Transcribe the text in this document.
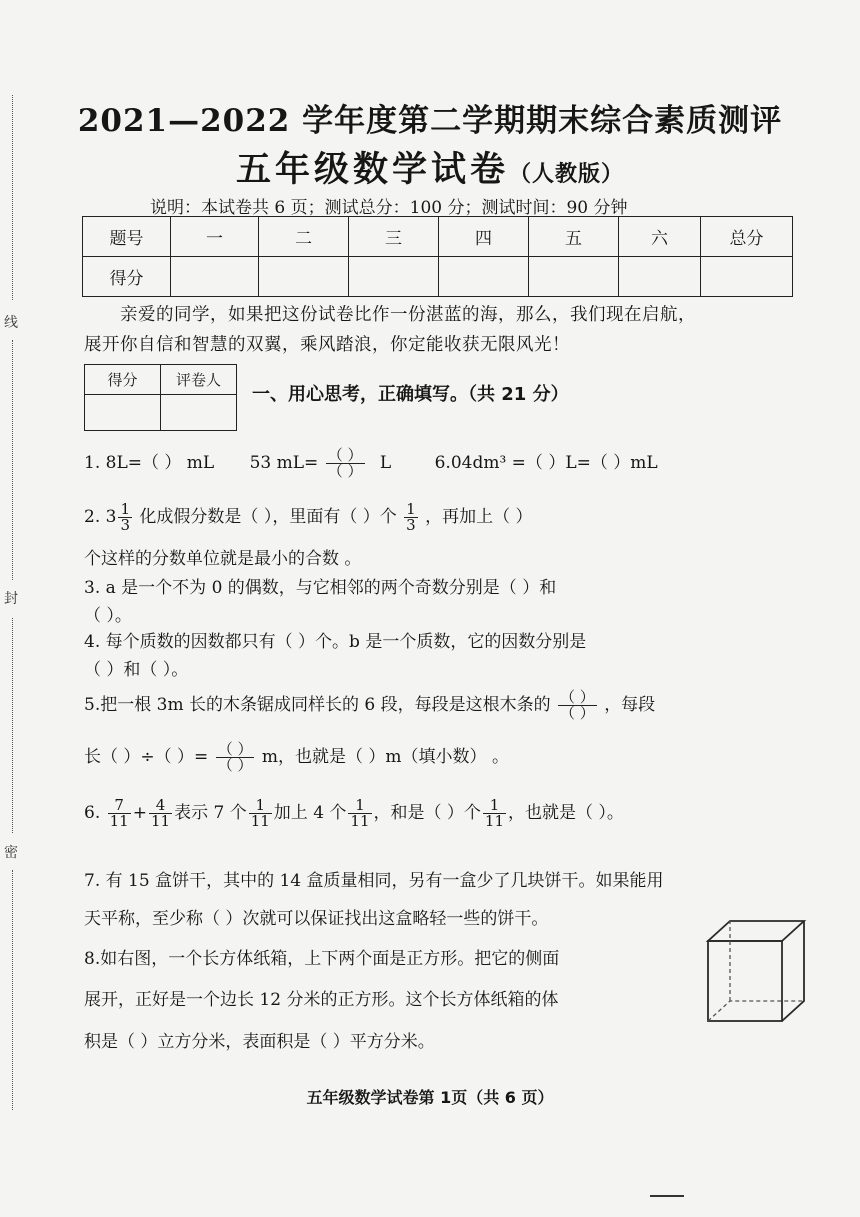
线
封
密
2021—2022 学年度第二学期期末综合素质测评
五年级数学试卷（人教版）
说明：本试卷共 6 页；测试总分：100 分；测试时间：90 分钟
题号	一	二	三	四	五	六	总分
得分							
亲爱的同学，如果把这份试卷比作一份湛蓝的海，那么，我们现在启航，
展开你自信和智慧的双翼，乘风踏浪，你定能收获无限风光！
得分	评卷人

一、用心思考，正确填写。（共 21 分）
1. 8L=（ ） mL 53 $mL= \frac{( )}{( )}$ L	6.04dm³ =（ ）L=（ ）mL
2. $3 \frac{1}{3}$ 化成假分数是（ ），里面有（ ）个 $\frac{1}{3}$ ，再加上（ ）
个这样的分数单位就是最小的合数 。
3. a 是一个不为 0 的偶数，与它相邻的两个奇数分别是（ ）和
（ ）。
4. 每个质数的因数都只有（ ）个。b 是一个质数，它的因数分别是
（ ）和（ ）。
5.把一根 3m 长的木条锯成同样长的 6 段，每段是这根木条的 $\frac{( )}{( )}$ ，每段
长（ ）÷（ ）= $\frac{( )}{( )}$ m，也就是（ ）m（填小数） 。
6. $\frac{7}{11} + \frac{4}{11}$ 表示 7 个 $\frac{1}{11}$ 加上 4 个 $\frac{1}{11}$ ，和是（ ）个 $\frac{1}{11}$ ，也就是（ ）。
7. 有 15 盒饼干，其中的 14 盒质量相同，另有一盒少了几块饼干。如果能用
天平称，至少称（ ）次就可以保证找出这盒略轻一些的饼干。
8.如右图，一个长方体纸箱，上下两个面是正方形。把它的侧面
展开，正好是一个边长 12 分米的正方形。这个长方体纸箱的体
积是（ ）立方分米，表面积是（ ）平方分米。
五年级数学试卷第 1页（共 6 页）
